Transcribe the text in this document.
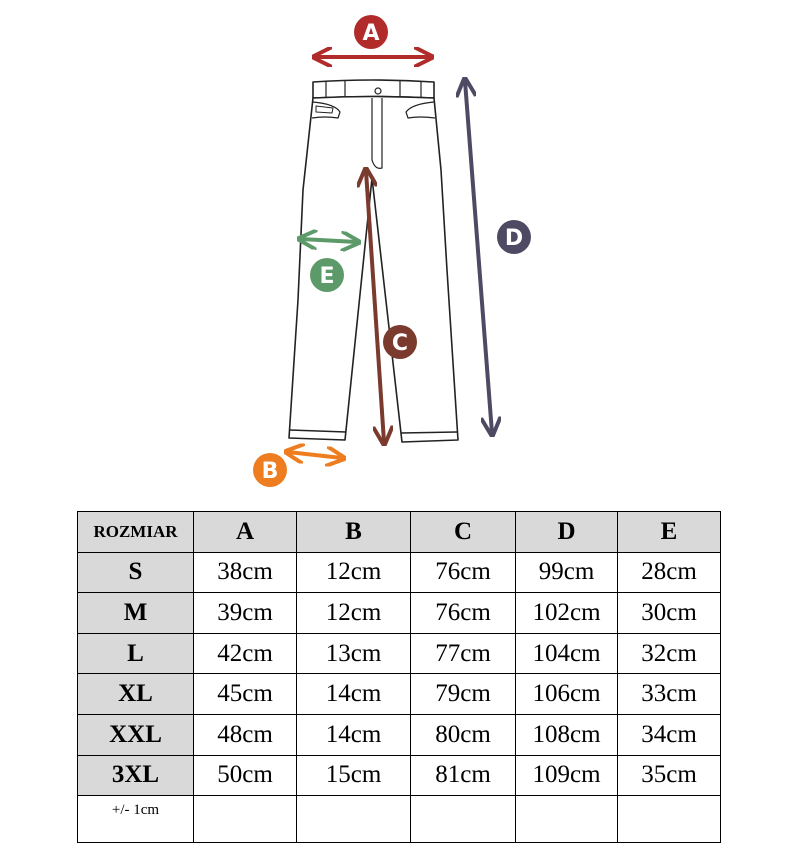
A
B
C
D
E
ROZMIAR	A	B	C	D	E
S	38cm	12cm	76cm	99cm	28cm
M	39cm	12cm	76cm	102cm	30cm
L	42cm	13cm	77cm	104cm	32cm
XL	45cm	14cm	79cm	106cm	33cm
XXL	48cm	14cm	80cm	108cm	34cm
3XL	50cm	15cm	81cm	109cm	35cm
+/- 1cm					
